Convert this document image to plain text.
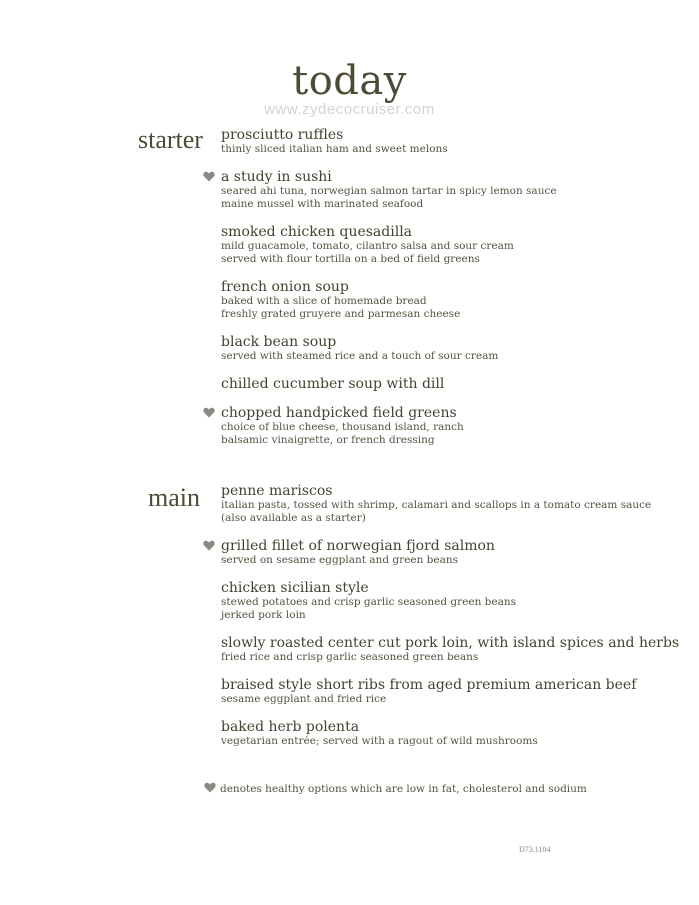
today
www.zydecocruiser.com
starter prosciutto ruffles
thinly sliced italian ham and sweet melons
a study in sushi
seared ahi tuna, norwegian salmon tartar in spicy lemon sauce
maine mussel with marinated seafood
smoked chicken quesadilla
mild guacamole, tomato, cilantro salsa and sour cream
served with flour tortilla on a bed of field greens
french onion soup
baked with a slice of homemade bread
freshly grated gruyere and parmesan cheese
black bean soup
served with steamed rice and a touch of sour cream
chilled cucumber soup with dill
chopped handpicked field greens
choice of blue cheese, thousand island, ranch
balsamic vinaigrette, or french dressing
main penne mariscos
italian pasta, tossed with shrimp, calamari and scallops in a tomato cream sauce
(also available as a starter)
grilled fillet of norwegian fjord salmon
served on sesame eggplant and green beans
chicken sicilian style
stewed potatoes and crisp garlic seasoned green beans
jerked pork loin
slowly roasted center cut pork loin, with island spices and herbs
fried rice and crisp garlic seasoned green beans
braised style short ribs from aged premium american beef
sesame eggplant and fried rice
baked herb polenta
vegetarian entrée; served with a ragout of wild mushrooms
denotes healthy options which are low in fat, cholesterol and sodium
D73.1104
